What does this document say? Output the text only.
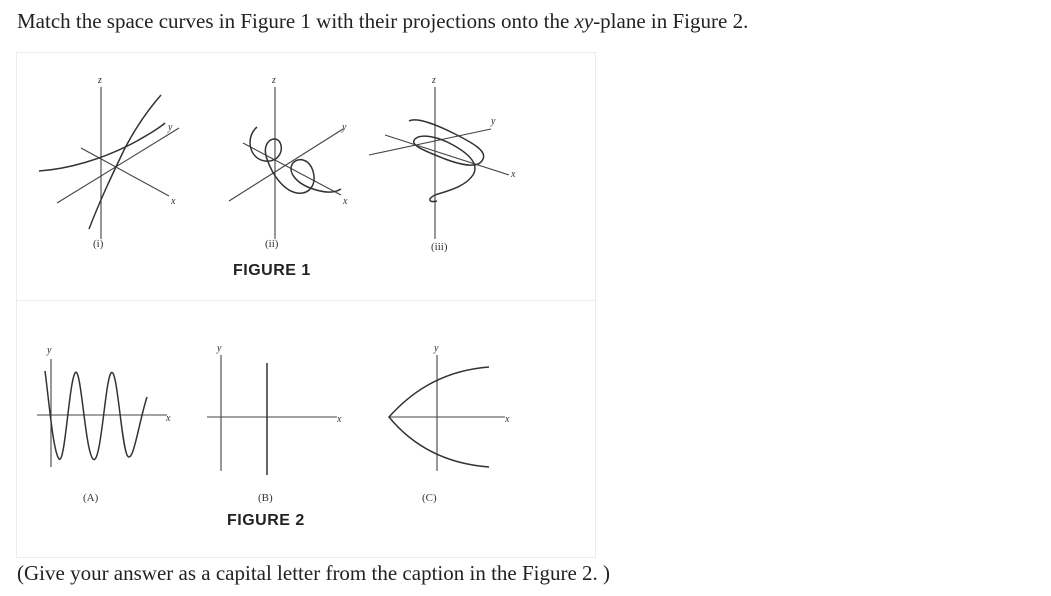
Match the space curves in Figure 1 with their projections onto the xy-plane in Figure 2.
z
y
x
(i)
z
y
x
(ii)
z
y
x
(iii)
FIGURE 1
y
x
(A)
y
x
(B)
y
x
(C)
FIGURE 2
(Give your answer as a capital letter from the caption in the Figure 2. )
